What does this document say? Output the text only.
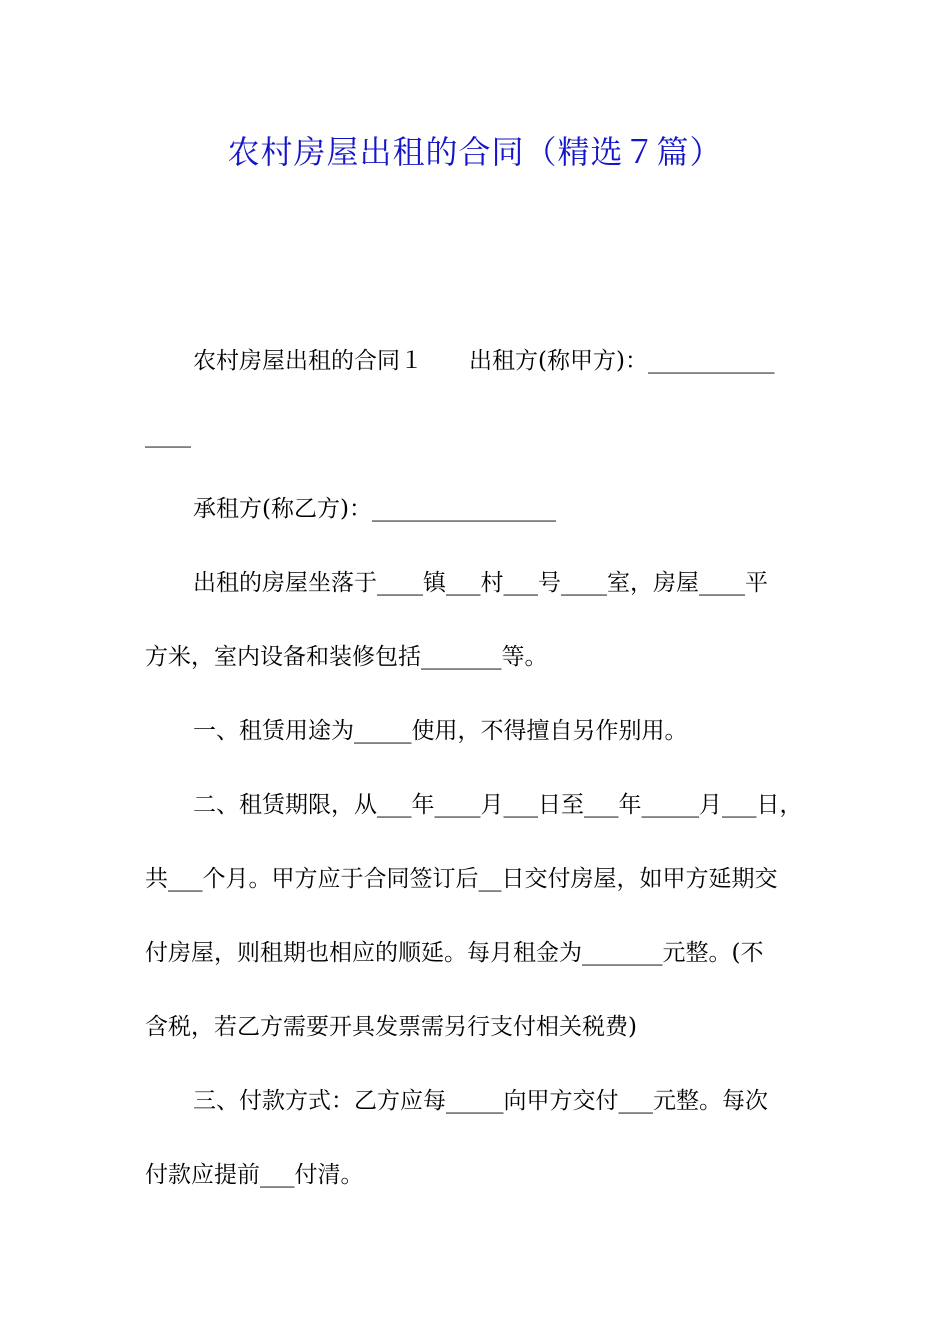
农村房屋出租的合同（精选７篇）
农村房屋出租的合同１　　出租方(称甲方)：___________
____
承租方(称乙方)：________________
出租的房屋坐落于____镇___村___号____室，房屋____平
方米，室内设备和装修包括_______等。
一、租赁用途为_____使用，不得擅自另作别用。
二、租赁期限，从___年____月___日至___年_____月___日，
共___个月。甲方应于合同签订后__日交付房屋，如甲方延期交
付房屋，则租期也相应的顺延。每月租金为_______元整。(不
含税，若乙方需要开具发票需另行支付相关税费)
三、付款方式：乙方应每_____向甲方交付___元整。每次
付款应提前___付清。
